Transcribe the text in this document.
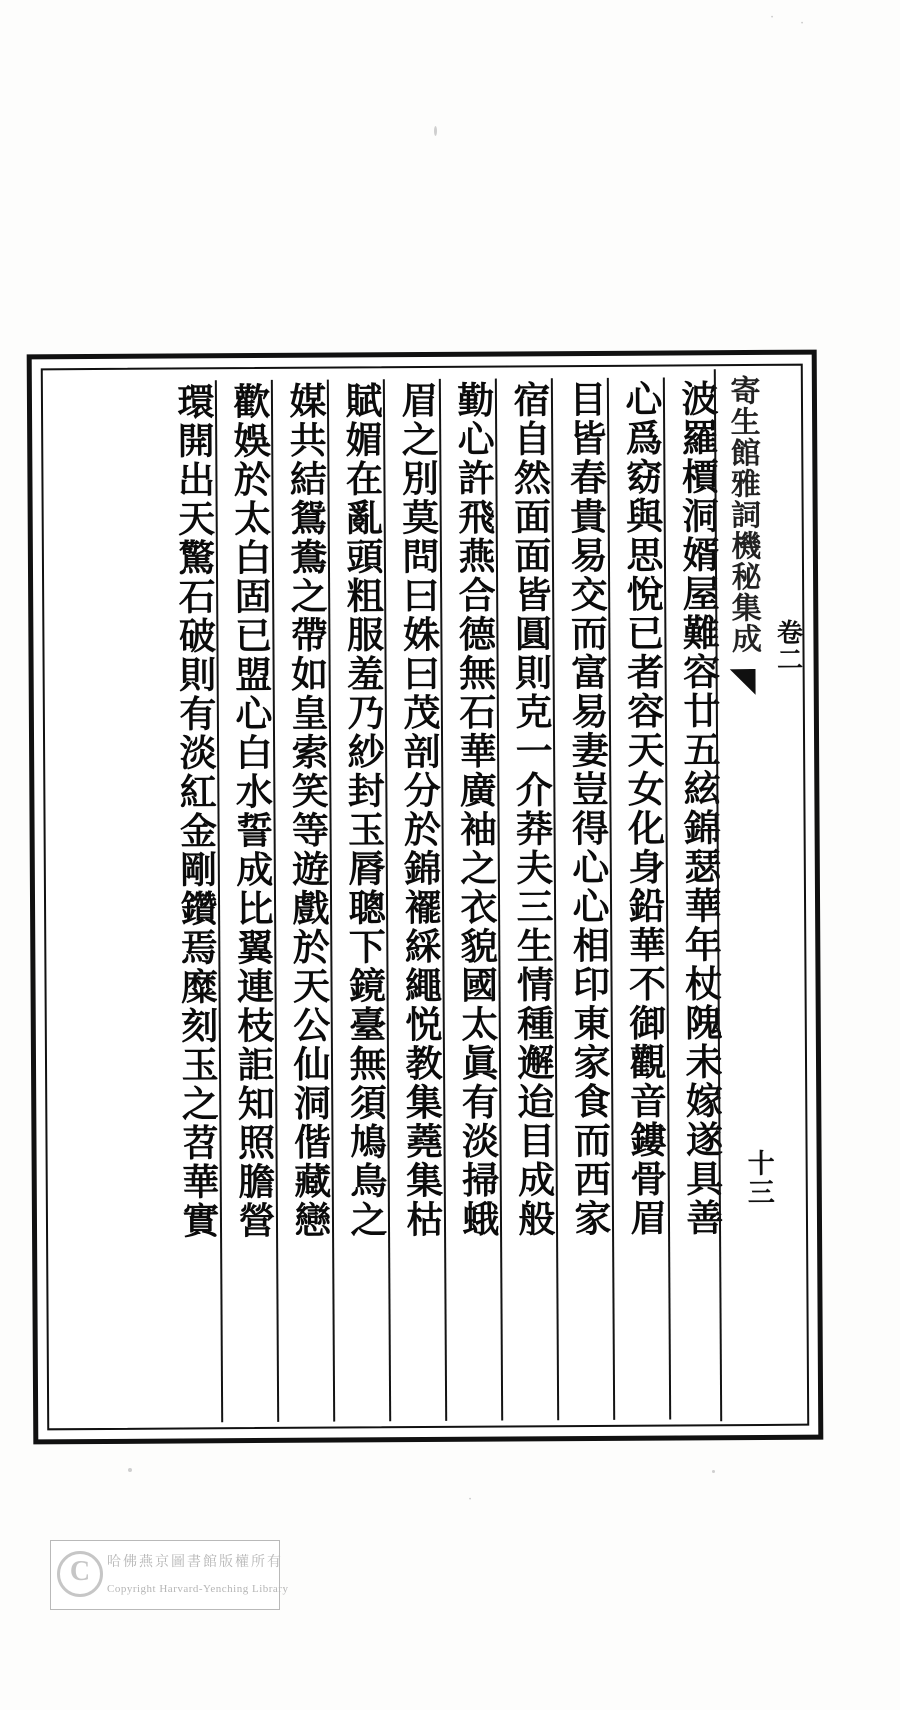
· ·
·
波羅檟洞婿屋難容廿五絃錦瑟華年杖隗未嫁遂具善
心爲窈與思悅已者容天女化身鉛華不御觀音鏤骨眉
目皆春貴易交而富易妻豈得心心相印東家食而西家
宿自然面面皆圓則克一介莽夫三生情種邂迨目成般
勤心許飛燕合德無石華廣袖之衣貌國太眞有淡掃蛾
眉之別莫問曰姝曰茂剖分於錦襬綵繩悦教集蕘集枯
賦媚在亂頭粗服羞乃紗封玉脣聰下鏡臺無須鳩鳥之
媒共結鴛鴦之帶如皇索笑等遊戲於天公仙洞偕藏戀
歡娛於太白固已盟心白水誓成比翼連枝詎知照膽營
環開出天驚石破則有淡紅金剛鑽焉糜刻玉之苕華實	寄生館雅詞機秘集成 卷二
十三
C	哈佛燕京圖書館版權所有
Copyright Harvard-Yenching Library
